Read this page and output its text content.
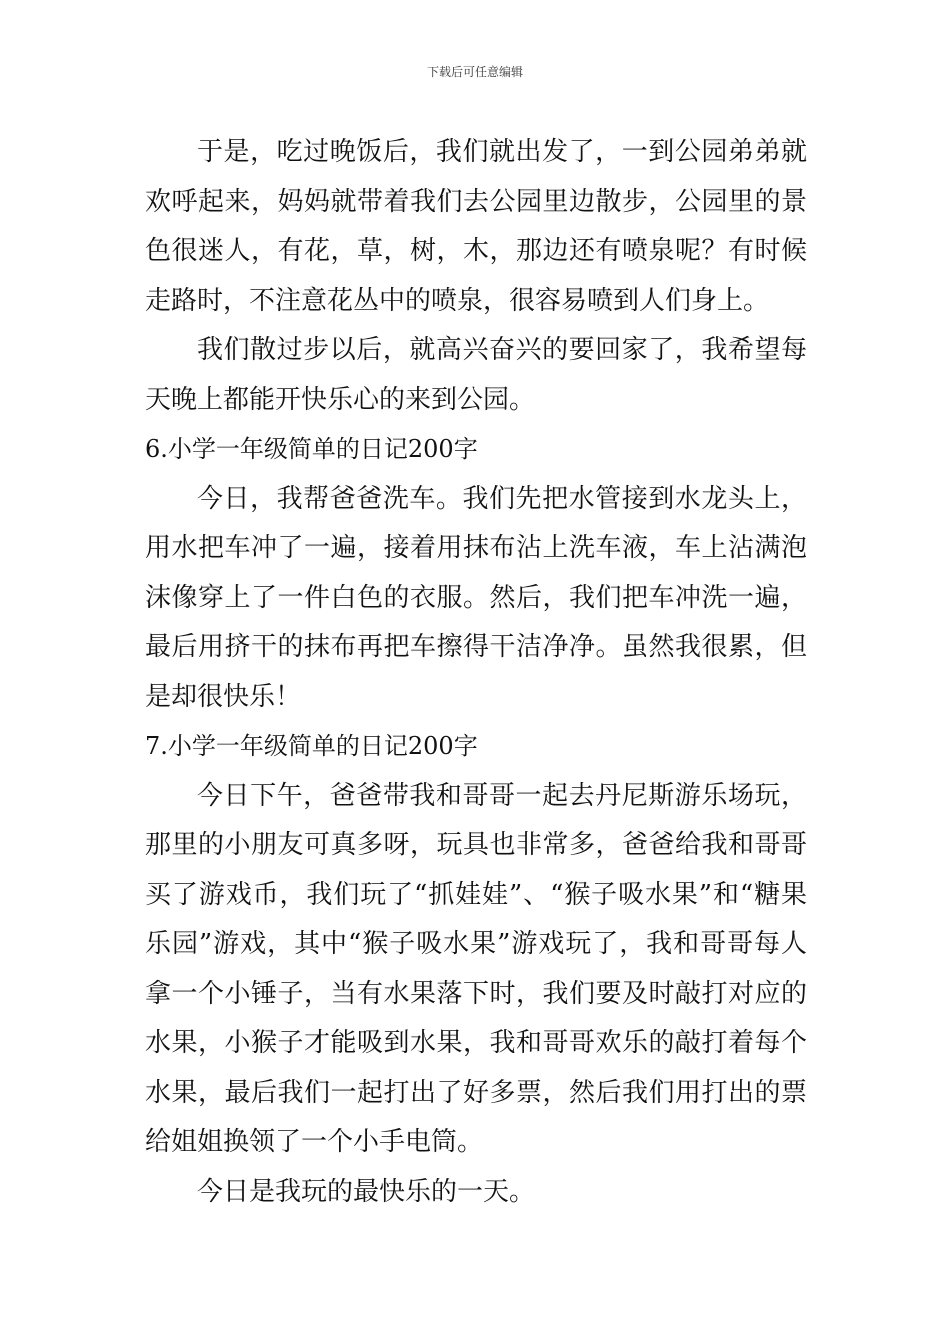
下载后可任意编辑

于是，吃过晚饭后，我们就出发了，一到公园弟弟就欢呼起来，妈妈就带着我们去公园里边散步，公园里的景色很迷人，有花，草，树，木，那边还有喷泉呢？有时候走路时，不注意花丛中的喷泉，很容易喷到人们身上。

我们散过步以后，就高兴奋兴的要回家了，我希望每天晚上都能开快乐心的来到公园。

6.小学一年级简单的日记200字

今日，我帮爸爸洗车。我们先把水管接到水龙头上，用水把车冲了一遍，接着用抹布沾上洗车液，车上沾满泡沫像穿上了一件白色的衣服。然后，我们把车冲洗一遍，最后用挤干的抹布再把车擦得干洁净净。虽然我很累，但是却很快乐！

7.小学一年级简单的日记200字

今日下午，爸爸带我和哥哥一起去丹尼斯游乐场玩，那里的小朋友可真多呀，玩具也非常多，爸爸给我和哥哥买了游戏币，我们玩了“抓娃娃”、“猴子吸水果”和“糖果乐园”游戏，其中“猴子吸水果”游戏玩了，我和哥哥每人拿一个小锤子，当有水果落下时，我们要及时敲打对应的水果，小猴子才能吸到水果，我和哥哥欢乐的敲打着每个水果，最后我们一起打出了好多票，然后我们用打出的票给姐姐换领了一个小手电筒。

今日是我玩的最快乐的一天。
